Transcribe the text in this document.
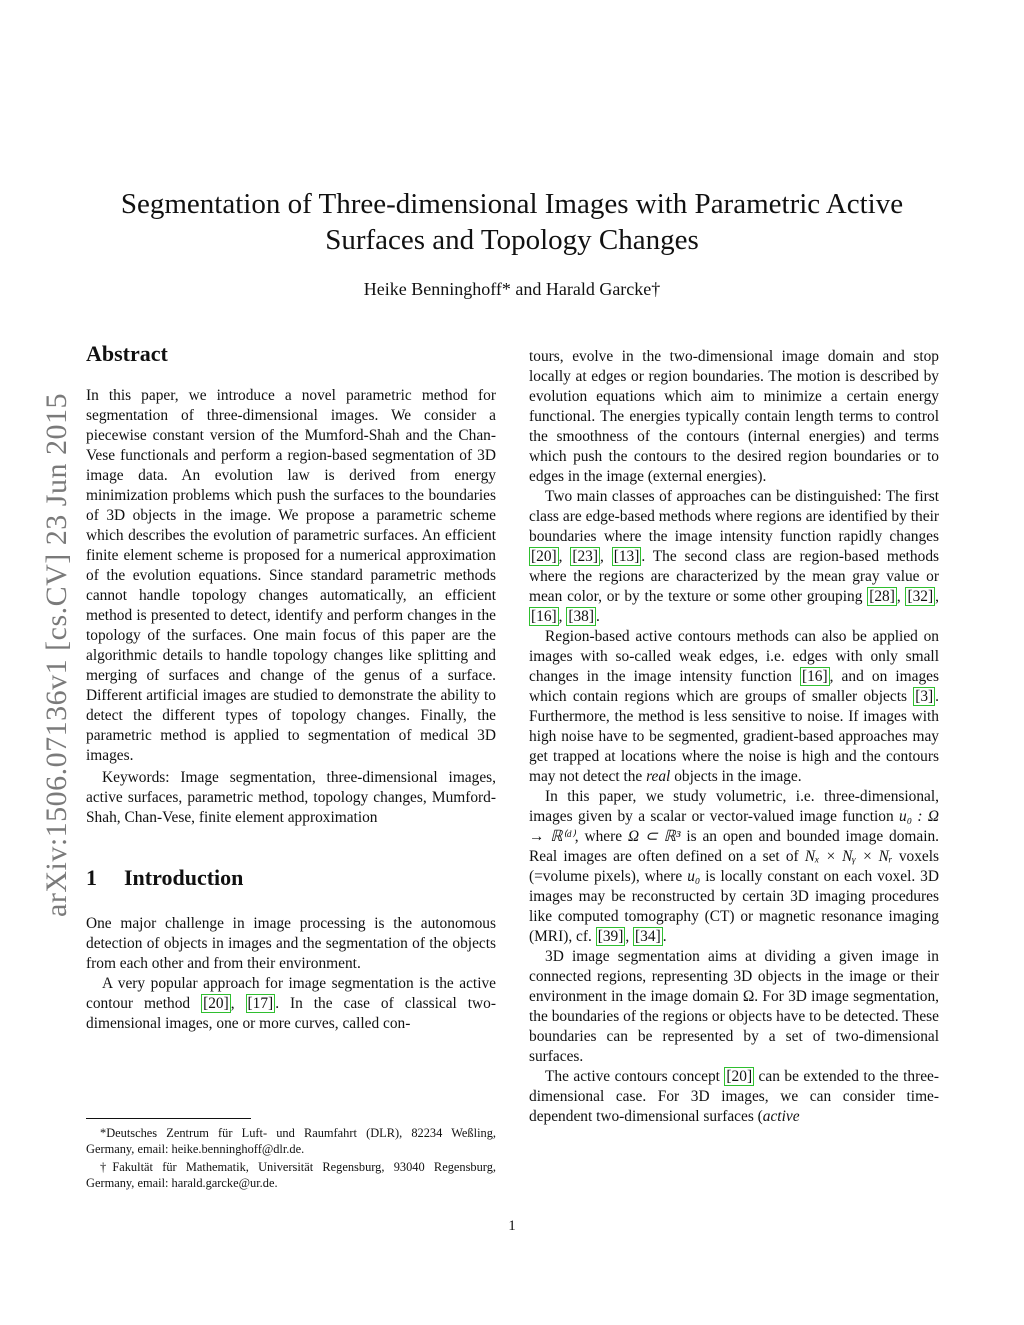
arXiv:1506.07136v1 [cs.CV] 23 Jun 2015
Segmentation of Three-dimensional Images with Parametric Active
Surfaces and Topology Changes
Heike Benninghoff* and Harald Garcke†
Abstract

In this paper, we introduce a novel parametric method for segmentation of three-dimensional images. We consider a piecewise constant version of the Mumford-Shah and the Chan-Vese functionals and perform a region-based segmentation of 3D image data. An evolution law is derived from energy minimization problems which push the surfaces to the boundaries of 3D objects in the image. We propose a parametric scheme which describes the evolution of parametric surfaces. An efficient finite element scheme is proposed for a numerical approximation of the evolution equations. Since standard parametric methods cannot handle topology changes automatically, an efficient method is presented to detect, identify and perform changes in the topology of the surfaces. One main focus of this paper are the algorithmic details to handle topology changes like splitting and merging of surfaces and change of the genus of a surface. Different artificial images are studied to demonstrate the ability to detect the different types of topology changes. Finally, the parametric method is applied to segmentation of medical 3D images.

Keywords: Image segmentation, three-dimensional images, active surfaces, parametric method, topology changes, Mumford-Shah, Chan-Vese, finite element approximation

1 Introduction

One major challenge in image processing is the autonomous detection of objects in images and the segmentation of the objects from each other and from their environment.

A very popular approach for image segmentation is the active contour method [20] , [17] . In the case of classical two-dimensional images, one or more curves, called con-

tours, evolve in the two-dimensional image domain and stop locally at edges or region boundaries. The motion is described by evolution equations which aim to minimize a certain energy functional. The energies typically contain length terms to control the smoothness of the contours (internal energies) and terms which push the contours to the desired region boundaries or to edges in the image (external energies).

Two main classes of approaches can be distinguished: The first class are edge-based methods where regions are identified by their boundaries where the image intensity function rapidly changes [20] , [23] , [13] . The second class are region-based methods where the regions are characterized by the mean gray value or mean color, or by the texture or some other grouping [28] , [32] , [16] , [38] .

Region-based active contours methods can also be applied on images with so-called weak edges, i.e. edges with only small changes in the image intensity function [16] , and on images which contain regions which are groups of smaller objects [3] . Furthermore, the method is less sensitive to noise. If images with high noise have to be segmented, gradient-based approaches may get trapped at locations where the noise is high and the contours may not detect the real objects in the image.

In this paper, we study volumetric, i.e. three-dimensional, images given by a scalar or vector-valued image function u₀ : Ω → ℝ⁽ᵈ⁾, where Ω ⊂ ℝ³ is an open and bounded image domain. Real images are often defined on a set of Nₓ × Nᵧ × Nᵣ voxels (=volume pixels), where u₀ is locally constant on each voxel. 3D images may be reconstructed by certain 3D imaging procedures like computed tomography (CT) or magnetic resonance imaging (MRI), cf. [39] , [34] .

3D image segmentation aims at dividing a given image in connected regions, representing 3D objects in the image or their environment in the image domain Ω. For 3D image segmentation, the boundaries of the regions or objects have to be detected. These boundaries can be represented by a set of two-dimensional surfaces.

The active contours concept [20] can be extended to the three-dimensional case. For 3D images, we can consider time-dependent two-dimensional surfaces (active

*Deutsches Zentrum für Luft- und Raumfahrt (DLR), 82234 Weßling, Germany, email: heike.benninghoff@dlr.de.

†Fakultät für Mathematik, Universität Regensburg, 93040 Regensburg, Germany, email: harald.garcke@ur.de.

1
